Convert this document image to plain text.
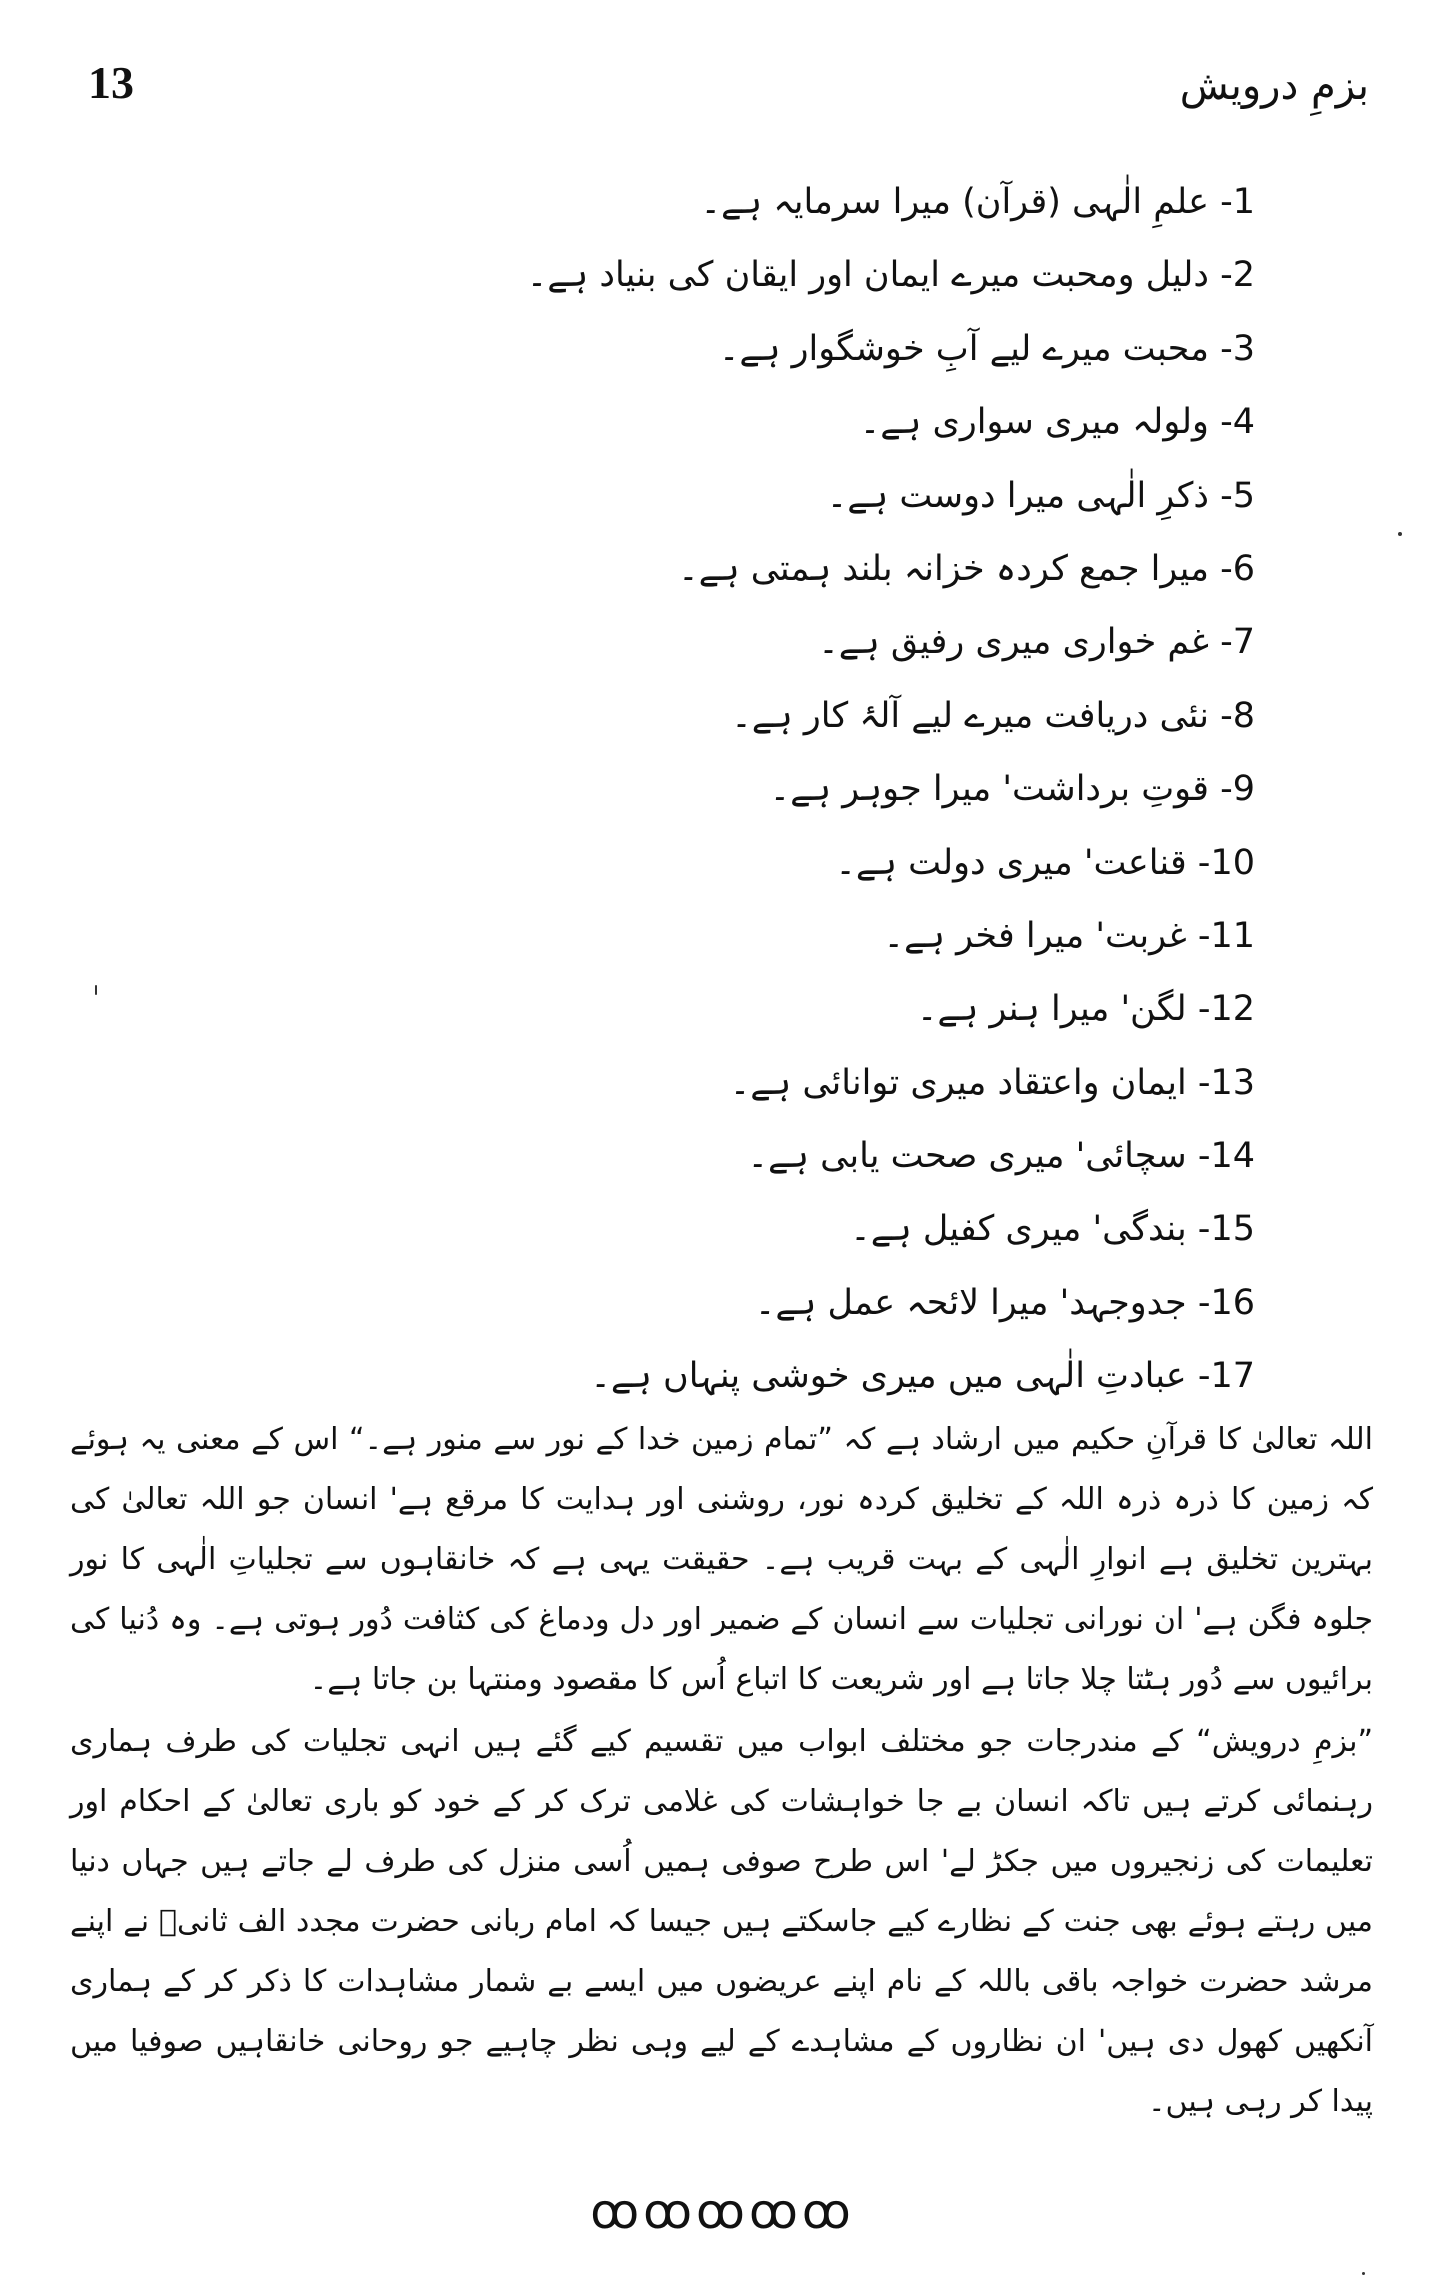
13	بزمِ درویش
1- علمِ الٰہی (قرآن) میرا سرمایہ ہے۔
2- دلیل ومحبت میرے ایمان اور ایقان کی بنیاد ہے۔
3- محبت میرے لیے آبِ خوشگوار ہے۔
4- ولولہ میری سواری ہے۔
5- ذکرِ الٰہی میرا دوست ہے۔
6- میرا جمع کردہ خزانہ بلند ہمتی ہے۔
7- غم خواری میری رفیق ہے۔
8- نئی دریافت میرے لیے آلۂ کار ہے۔
9- قوتِ برداشت' میرا جوہر ہے۔
10- قناعت' میری دولت ہے۔
11- غربت' میرا فخر ہے۔
12- لگن' میرا ہنر ہے۔
13- ایمان واعتقاد میری توانائی ہے۔
14- سچائی' میری صحت یابی ہے۔
15- بندگی' میری کفیل ہے۔
16- جدوجہد' میرا لائحہ عمل ہے۔
17- عبادتِ الٰہی میں میری خوشی پنہاں ہے۔

اللہ تعالیٰ کا قرآنِ حکیم میں ارشاد ہے کہ ”تمام زمین خدا کے نور سے منور ہے۔“ اس کے معنی یہ ہوئے کہ زمین کا ذرہ ذرہ اللہ کے تخلیق کردہ نور، روشنی اور ہدایت کا مرقع ہے' انسان جو اللہ تعالیٰ کی بہترین تخلیق ہے انوارِ الٰہی کے بہت قریب ہے۔ حقیقت یہی ہے کہ خانقاہوں سے تجلیاتِ الٰہی کا نور جلوہ فگن ہے' ان نورانی تجلیات سے انسان کے ضمیر اور دل ودماغ کی کثافت دُور ہوتی ہے۔ وہ دُنیا کی برائیوں سے دُور ہٹتا چلا جاتا ہے اور شریعت کا اتباع اُس کا مقصود ومنتہا بن جاتا ہے۔

”بزمِ درویش“ کے مندرجات جو مختلف ابواب میں تقسیم کیے گئے ہیں انہی تجلیات کی طرف ہماری رہنمائی کرتے ہیں تاکہ انسان بے جا خواہشات کی غلامی ترک کر کے خود کو باری تعالیٰ کے احکام اور تعلیمات کی زنجیروں میں جکڑ لے' اس طرح صوفی ہمیں اُسی منزل کی طرف لے جاتے ہیں جہاں دنیا میں رہتے ہوئے بھی جنت کے نظارے کیے جاسکتے ہیں جیسا کہ امام ربانی حضرت مجدد الف ثانیؒ نے اپنے مرشد حضرت خواجہ باقی باللہ کے نام اپنے عریضوں میں ایسے بے شمار مشاہدات کا ذکر کر کے ہماری آنکھیں کھول دی ہیں' ان نظاروں کے مشاہدے کے لیے وہی نظر چاہیے جو روحانی خانقاہیں صوفیا میں پیدا کر رہی ہیں۔

ꝏꝏꝏꝏꝏ
